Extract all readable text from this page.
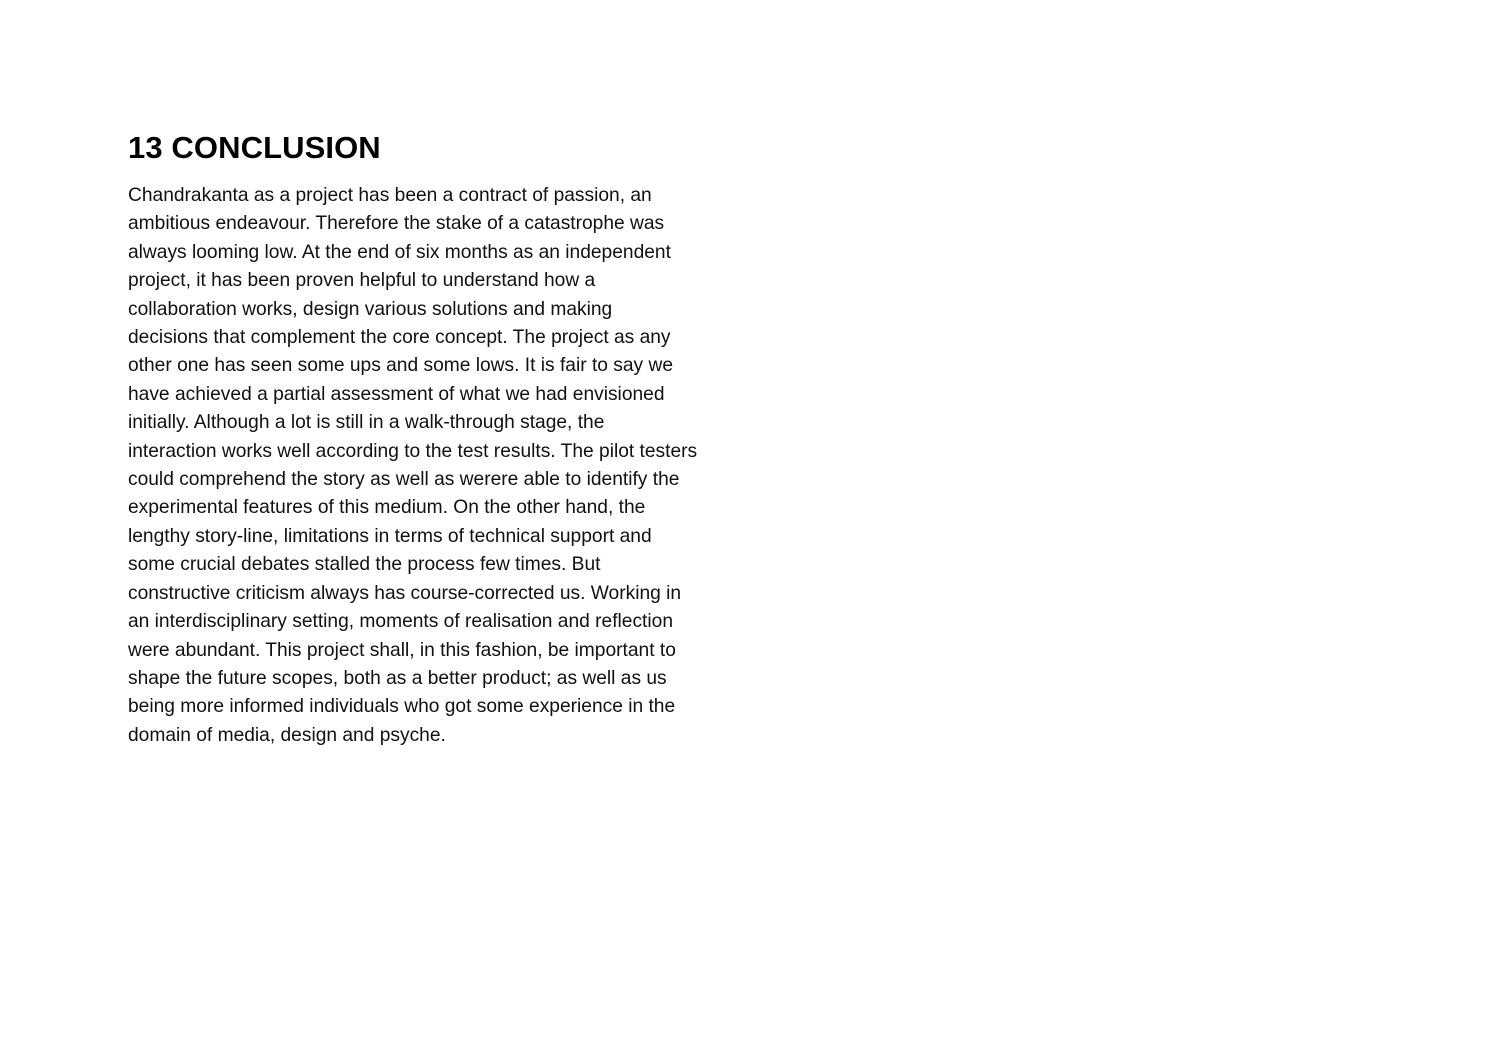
13 CONCLUSION

Chandrakanta as a project has been a contract of passion, an
ambitious endeavour. Therefore the stake of a catastrophe was
always looming low. At the end of six months as an independent
project, it has been proven helpful to understand how a
collaboration works, design various solutions and making
decisions that complement the core concept. The project as any
other one has seen some ups and some lows. It is fair to say we
have achieved a partial assessment of what we had envisioned
initially. Although a lot is still in a walk-through stage, the
interaction works well according to the test results. The pilot testers
could comprehend the story as well as werere able to identify the
experimental features of this medium. On the other hand, the
lengthy story-line, limitations in terms of technical support and
some crucial debates stalled the process few times. But
constructive criticism always has course-corrected us. Working in
an interdisciplinary setting, moments of realisation and reflection
were abundant. This project shall, in this fashion, be important to
shape the future scopes, both as a better product; as well as us
being more informed individuals who got some experience in the
domain of media, design and psyche.
